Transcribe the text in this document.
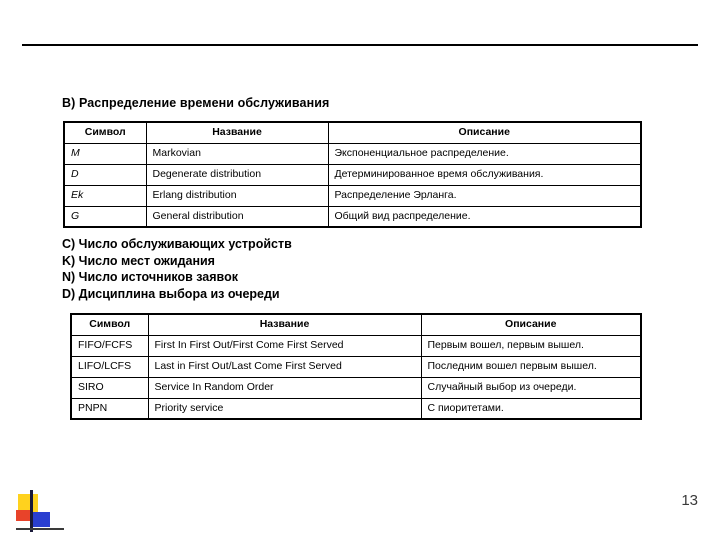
B) Распределение времени обслуживания
Символ	Название	Описание
M	Markovian	Экспоненциальное распределение.
D	Degenerate distribution	Детерминированное время обслуживания.
Ek	Erlang distribution	Распределение Эрланга.
G	General distribution	Общий вид распределение.
C) Число обслуживающих устройств
K) Число мест ожидания
N) Число источников заявок
D) Дисциплина выбора из очереди
Символ	Название	Описание
FIFO/FCFS	First In First Out/First Come First Served	Первым вошел, первым вышел.
LIFO/LCFS	Last in First Out/Last Come First Served	Последним вошел первым вышел.
SIRO	Service In Random Order	Случайный выбор из очереди.
PNPN	Priority service	С пиоритетами.
13
